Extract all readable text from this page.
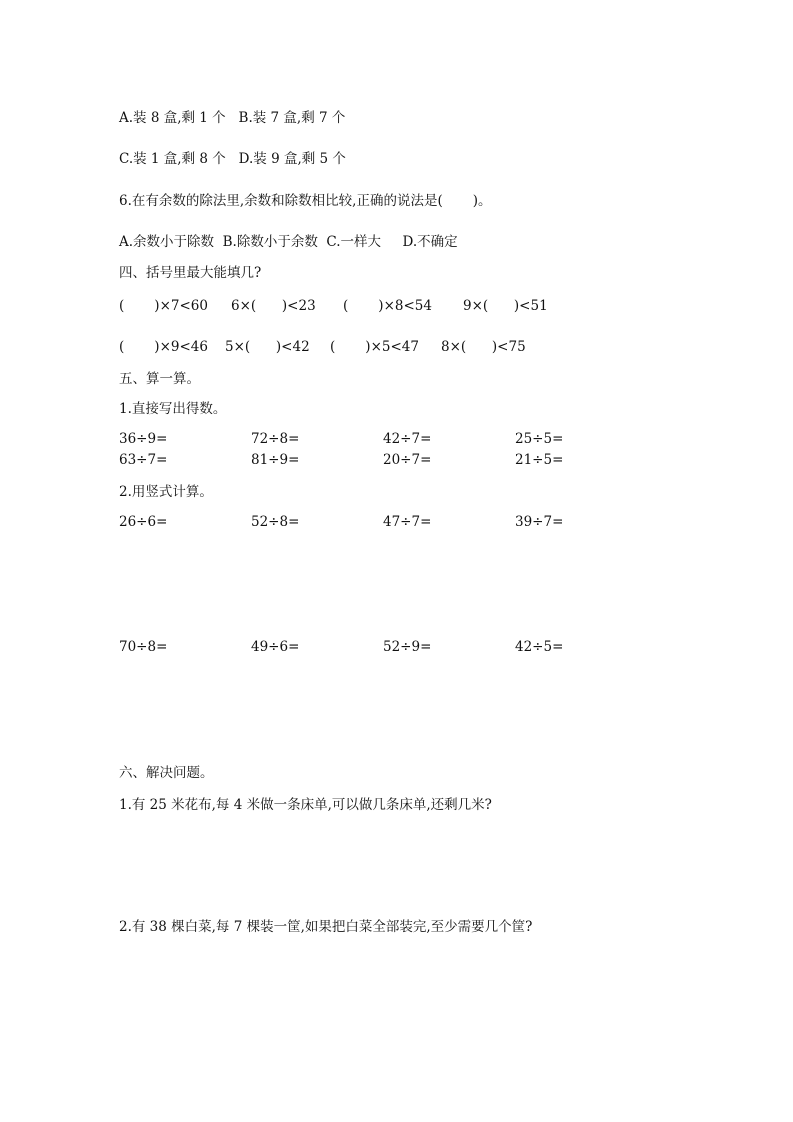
A.装 8 盒,剩 1 个   B.装 7 盒,剩 7 个
C.装 1 盒,剩 8 个   D.装 9 盒,剩 5 个
6.在有余数的除法里,余数和除数相比较,正确的说法是(       )。
A.余数小于除数  B.除数小于余数  C.一样大     D.不确定
四、括号里最大能填几?
(       )×7<60 6×(      )<23 (       )×8<54 9×(      )<51
(       )×9<46 5×(      )<42 (       )×5<47 8×(      )<75
五、算一算。
1.直接写出得数。
36÷9=	72÷8=	42÷7=	25÷5=
63÷7=	81÷9=	20÷7=	21÷5=
2.用竖式计算。
26÷6=	52÷8=	47÷7=	39÷7=
70÷8=	49÷6=	52÷9=	42÷5=
六、解决问题。
1.有 25 米花布,每 4 米做一条床单,可以做几条床单,还剩几米?
2.有 38 棵白菜,每 7 棵装一筐,如果把白菜全部装完,至少需要几个筐?
